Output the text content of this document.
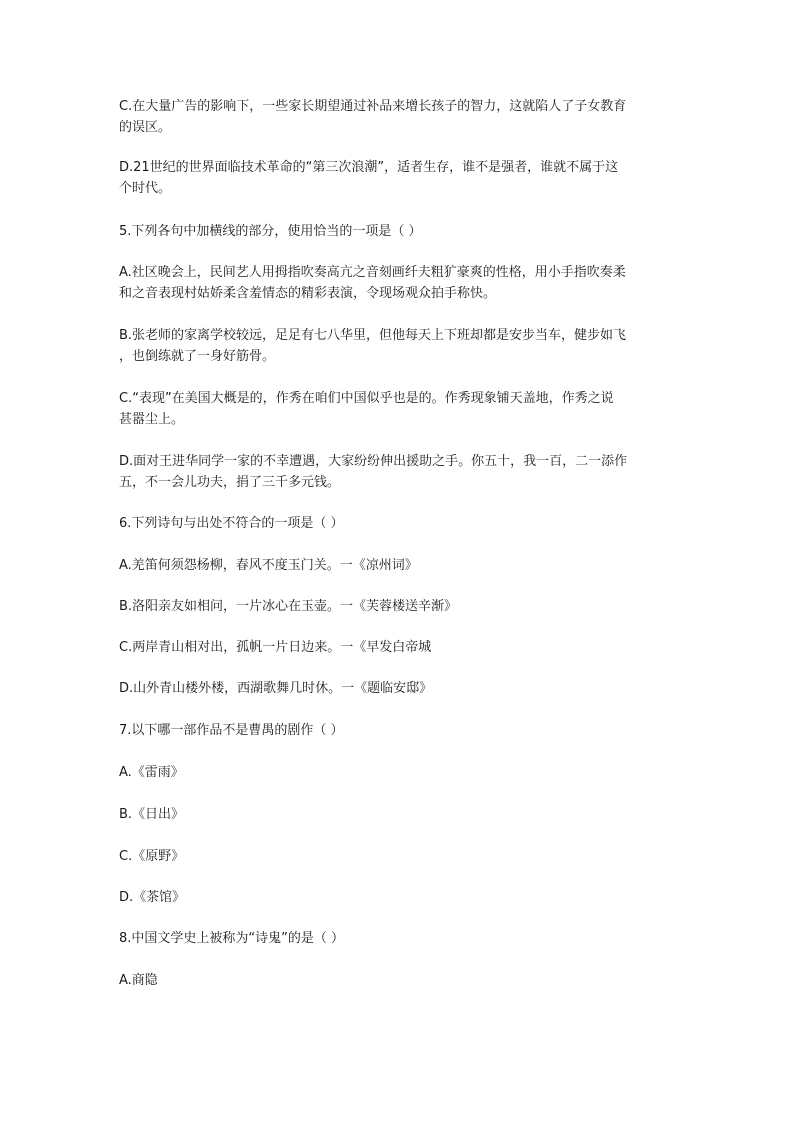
C.在大量广告的影响下，一些家长期望通过补品来增长孩子的智力，这就陷人了子女教育
的误区。

D.21世纪的世界面临技术革命的“第三次浪潮”，适者生存，谁不是强者，谁就不属于这
个时代。

5.下列各句中加横线的部分，使用恰当的一项是（ ）

A.社区晚会上，民间艺人用拇指吹奏高亢之音刻画纤夫粗犷豪爽的性格，用小手指吹奏柔
和之音表现村姑娇柔含羞情态的精彩表演，令现场观众拍手称快。

B.张老师的家离学校较远，足足有七八华里，但他每天上下班却都是安步当车，健步如飞
，也倒练就了一身好筋骨。

C.“表现”在美国大概是的，作秀在咱们中国似乎也是的。作秀现象铺天盖地，作秀之说
甚嚣尘上。

D.面对王进华同学一家的不幸遭遇，大家纷纷伸出援助之手。你五十，我一百，二一添作
五，不一会儿功夫，捐了三千多元钱。

6.下列诗句与出处不符合的一项是（ ）

A.羌笛何须怨杨柳，春风不度玉门关。一《凉州词》

B.洛阳亲友如相问，一片冰心在玉壶。一《芙蓉楼送辛渐》

C.两岸青山相对出，孤帆一片日边来。一《早发白帝城

D.山外青山楼外楼，西湖歌舞几时休。一《题临安邸》

7.以下哪一部作品不是曹禺的剧作（ ）

A.《雷雨》

B.《日出》

C.《原野》

D.《茶馆》

8.中国文学史上被称为“诗鬼”的是（ ）

A.商隐
